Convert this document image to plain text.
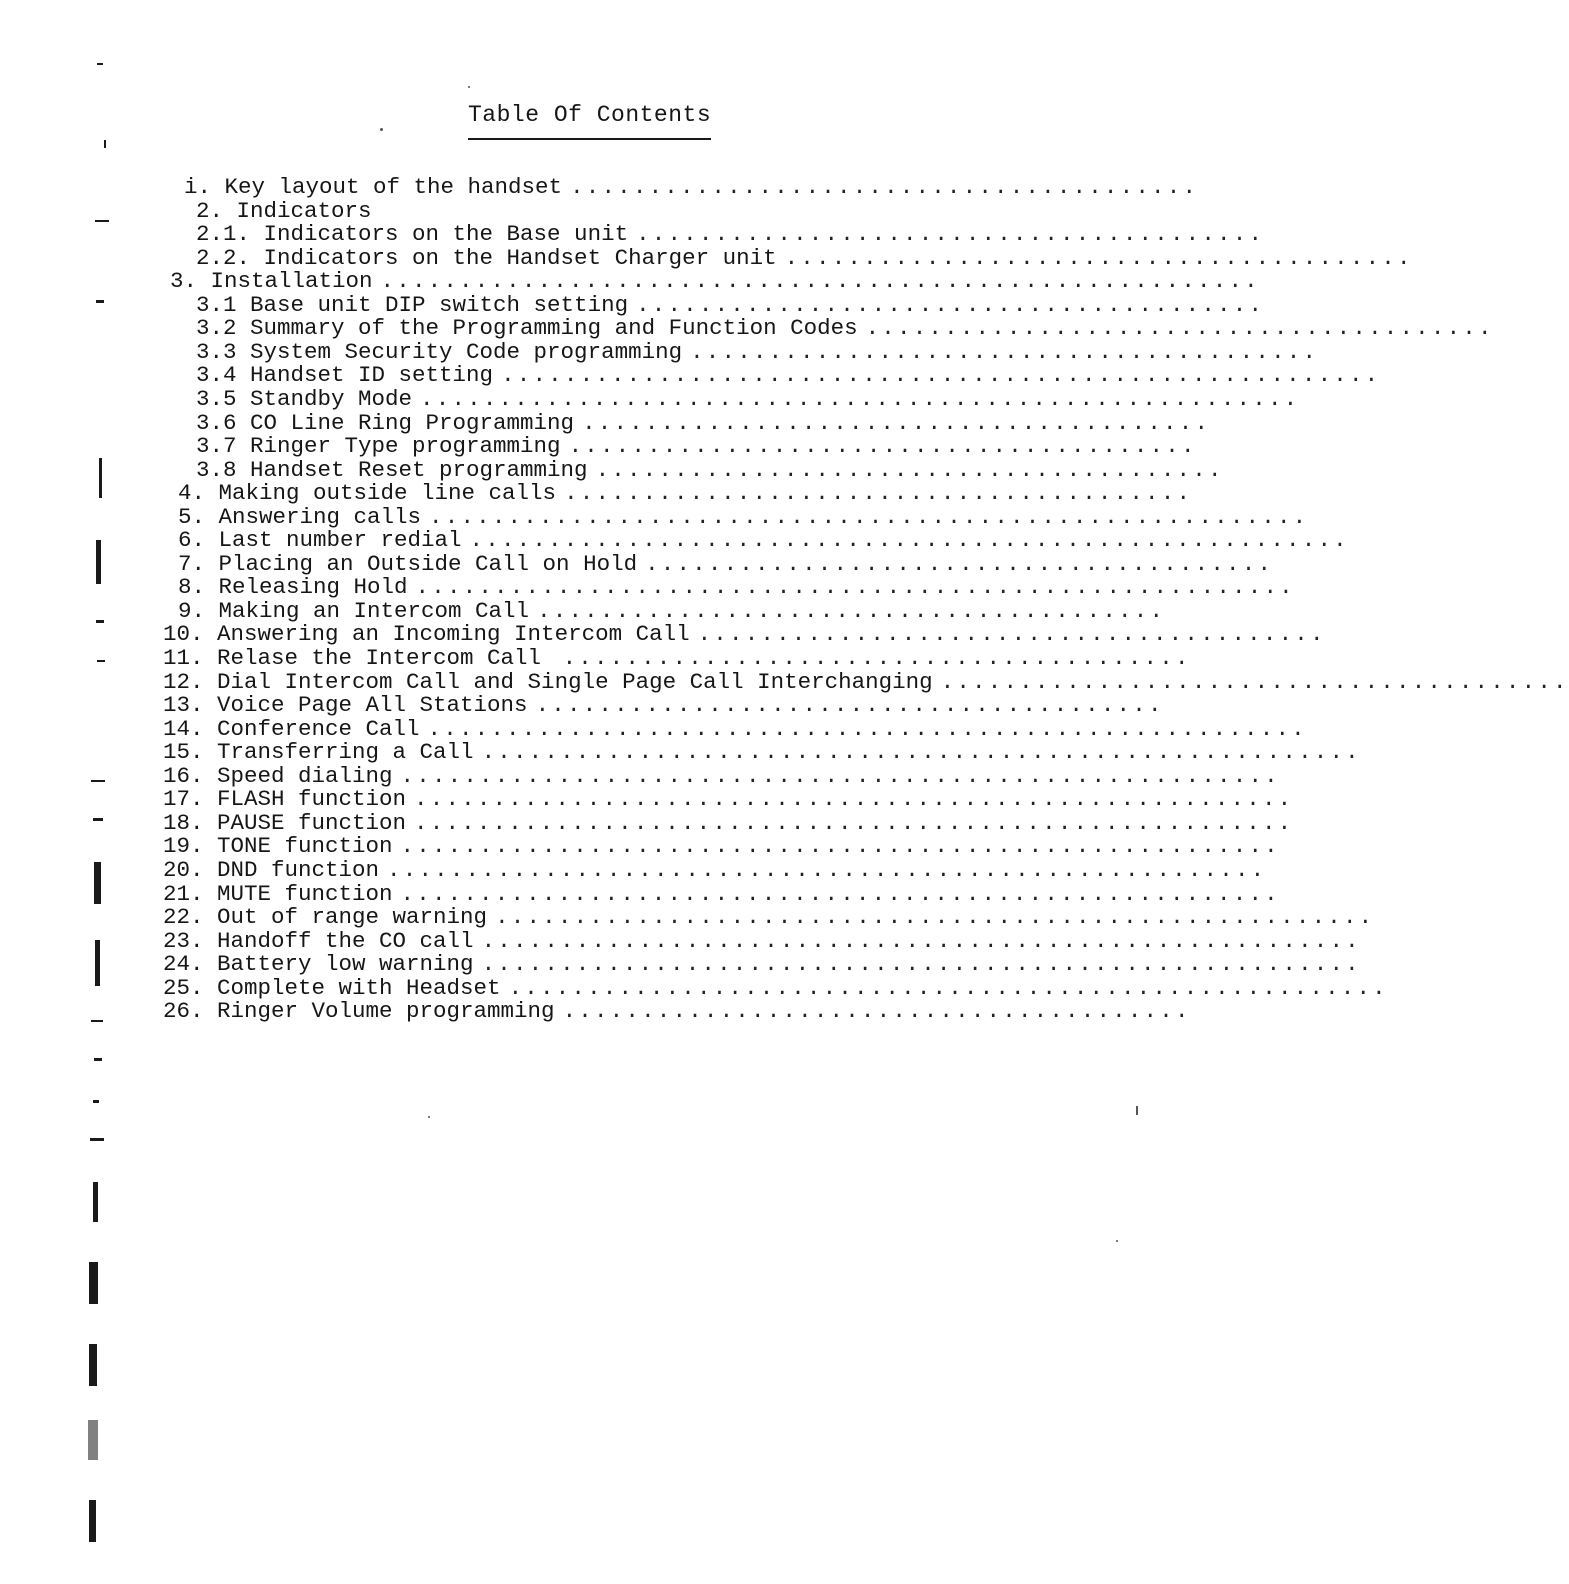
Table Of Contents
i. Key layout of the handset ........................................
2. Indicators
2.1. Indicators on the Base unit ........................................
2.2. Indicators on the Handset Charger unit ........................................
3. Installation ........................................................
3.1 Base unit DIP switch setting ........................................
3.2 Summary of the Programming and Function Codes ........................................
3.3 System Security Code programming ........................................
3.4 Handset ID setting ........................................................
3.5 Standby Mode ........................................................
3.6 CO Line Ring Programming ........................................
3.7 Ringer Type programming ........................................
3.8 Handset Reset programming ........................................
4. Making outside line calls ........................................
5. Answering calls ........................................................
6. Last number redial ........................................................
7. Placing an Outside Call on Hold ........................................
8. Releasing Hold ........................................................
9. Making an Intercom Call ........................................
10. Answering an Incoming Intercom Call ........................................
11. Relase the Intercom Call ........................................
12. Dial Intercom Call and Single Page Call Interchanging ........................................
13. Voice Page All Stations ........................................
14. Conference Call ........................................................
15. Transferring a Call ........................................................
16. Speed dialing ........................................................
17. FLASH function ........................................................
18. PAUSE function ........................................................
19. TONE function ........................................................
20. DND function ........................................................
21. MUTE function ........................................................
22. Out of range warning ........................................................
23. Handoff the CO call ........................................................
24. Battery low warning ........................................................
25. Complete with Headset ........................................................
26. Ringer Volume programming ........................................
